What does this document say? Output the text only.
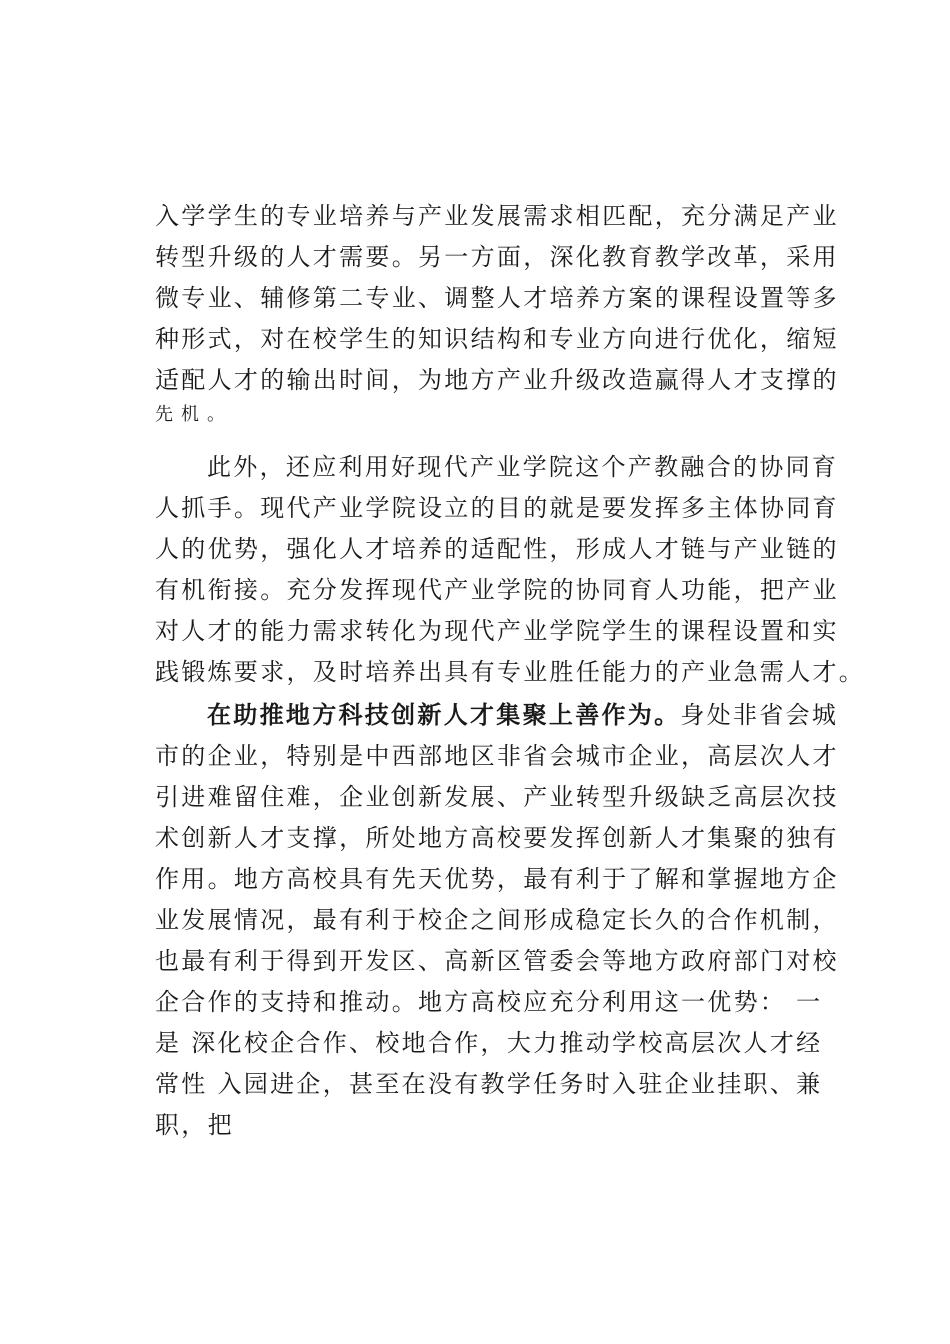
入学学生的专业培养与产业发展需求相匹配，充分满足产业
转型升级的人才需要。另一方面，深化教育教学改革，采用
微专业、辅修第二专业、调整人才培养方案的课程设置等多
种形式，对在校学生的知识结构和专业方向进行优化，缩短
适配人才的输出时间，为地方产业升级改造赢得人才支撑的
先机。
此外，还应利用好现代产业学院这个产教融合的协同育
人抓手。现代产业学院设立的目的就是要发挥多主体协同育
人的优势，强化人才培养的适配性，形成人才链与产业链的
有机衔接。充分发挥现代产业学院的协同育人功能，把产业
对人才的能力需求转化为现代产业学院学生的课程设置和实
践锻炼要求，及时培养出具有专业胜任能力的产业急需人才。
在助推地方科技创新人才集聚上善作为。身处非省会城
市的企业，特别是中西部地区非省会城市企业，高层次人才
引进难留住难，企业创新发展、产业转型升级缺乏高层次技
术创新人才支撑，所处地方高校要发挥创新人才集聚的独有
作用。地方高校具有先天优势，最有利于了解和掌握地方企
业发展情况，最有利于校企之间形成稳定长久的合作机制，
也最有利于得到开发区、高新区管委会等地方政府部门对校
企合作的支持和推动。地方高校应充分利用这一优势： 一
是 深化校企合作、校地合作，大力推动学校高层次人才经
常性 入园进企，甚至在没有教学任务时入驻企业挂职、兼
职，把
